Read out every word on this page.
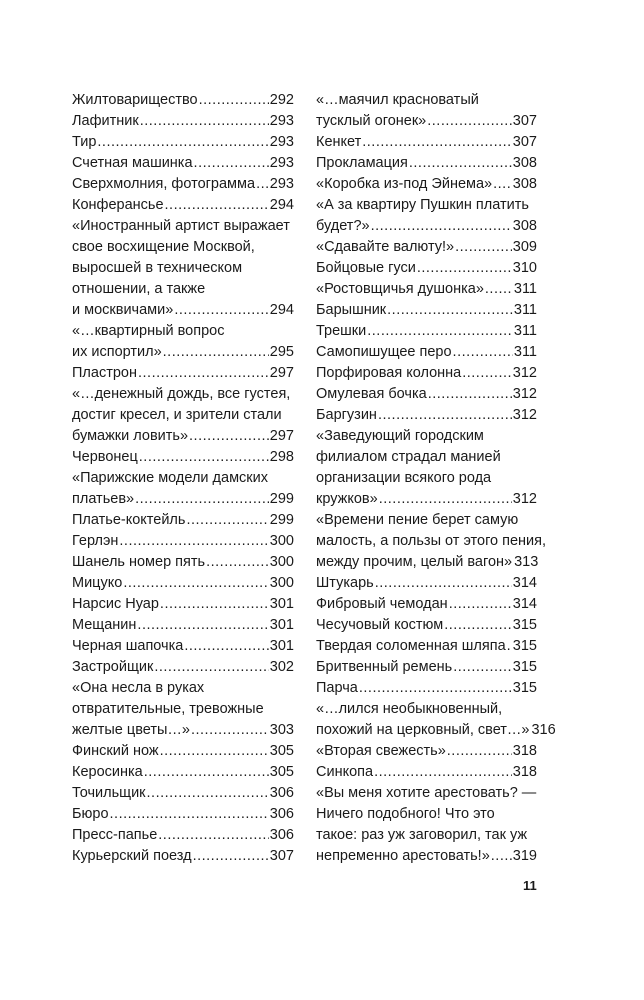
Жилтоварищество .....	292
Лафитник .....	293
Тир .....	293
Счетная машинка .....	293
Сверхмолния, фотограмма ..... 293
Конферансье .....	294
«Иностранный артист выражает
свое восхищение Москвой,
выросшей в техническом
отношении, а также
и москвичами» .....	294
«…квартирный вопрос
их испортил» .....	295
Пластрон .....	297
«…денежный дождь, все густея,
достиг кресел, и зрители стали
бумажки ловить» .....	297
Червонец .....	298
«Парижские модели дамских
платьев» .....	299
Платье-коктейль .....	299
Герлэн .....	300
Шанель номер пять .....	300
Мицуко .....	300
Нарсис Нуар .....	301
Мещанин .....	301
Черная шапочка .....	301
Застройщик .....	302
«Она несла в руках
отвратительные, тревожные
желтые цветы…» .....	303
Финский нож .....	305
Керосинка .....	305
Точильщик .....	306
Бюро .....	306
Пресс-папье .....	306
Курьерский поезд .....	307
«…маячил красноватый
тусклый огонек» .....	307
Кенкет .....	307
Прокламация .....	308
«Коробка из-под Эйнема» ..... 308
«А за квартиру Пушкин платить
будет?» .....	308
«Сдавайте валюту!» .....	309
Бойцовые гуси .....	310
«Ростовщичья душонка» ..... 311
Барышник .....	311
Трешки .....	311
Самопишущее перо .....	311
Порфировая колонна .....	312
Омулевая бочка .....	312
Баргузин .....	312
«Заведующий городским
филиалом страдал манией
организации всякого рода
кружков» .....	312
«Времени пение берет самую
малость, а пользы от этого пения,
между прочим, целый вагон» 313
Штукарь .....	314
Фибровый чемодан .....	314
Чесучовый костюм .....	315
Твердая соломенная шляпа ..... 315
Бритвенный ремень .....	315
Парча .....	315
«…лился необыкновенный,
похожий на церковный, свет…» 316
«Вторая свежесть» .....	318
Синкопа .....	318
«Вы меня хотите арестовать? —
Ничего подобного! Что это
такое: раз уж заговорил, так уж
непременно арестовать!» ..... 319
11
